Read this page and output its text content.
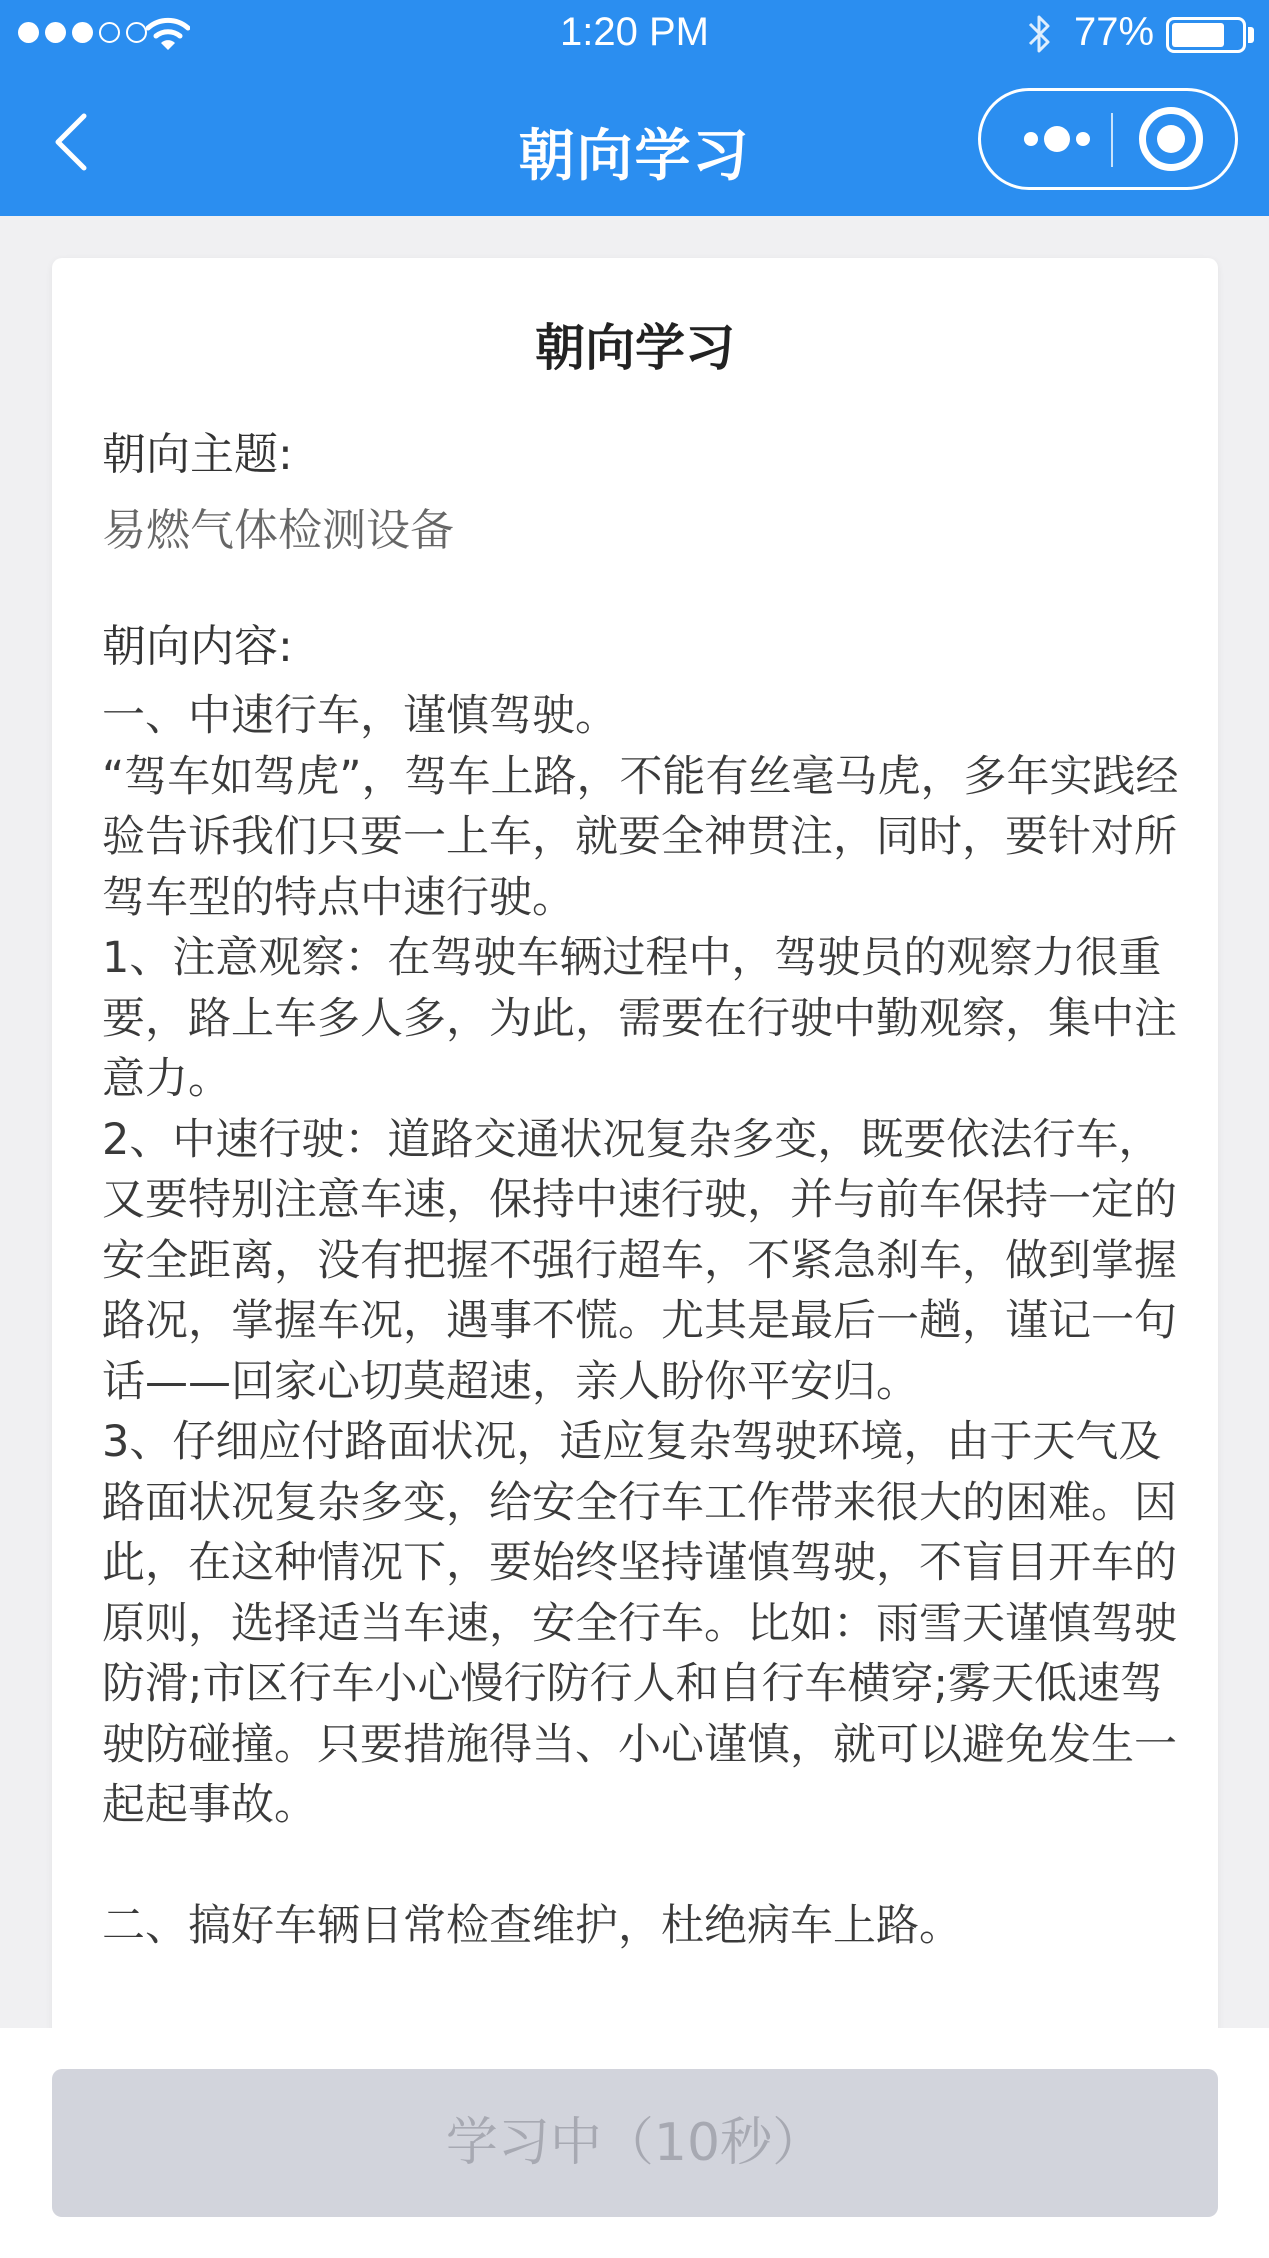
1:20 PM	77%
朝向学习
朝向学习
朝向主题:
易燃气体检测设备
朝向内容:
一、中速行车，谨慎驾驶。
“驾车如驾虎”，驾车上路，不能有丝毫马虎，多年实践经验告诉我们只要一上车，就要全神贯注，同时，要针对所驾车型的特点中速行驶。
1、注意观察：在驾驶车辆过程中，驾驶员的观察力很重要，路上车多人多，为此，需要在行驶中勤观察，集中注意力。
2、中速行驶：道路交通状况复杂多变，既要依法行车，又要特别注意车速，保持中速行驶，并与前车保持一定的安全距离，没有把握不强行超车，不紧急刹车，做到掌握路况，掌握车况，遇事不慌。尤其是最后一趟，谨记一句话——回家心切莫超速，亲人盼你平安归。
3、仔细应付路面状况，适应复杂驾驶环境，由于天气及路面状况复杂多变，给安全行车工作带来很大的困难。因此，在这种情况下，要始终坚持谨慎驾驶，不盲目开车的原则，选择适当车速，安全行车。比如：雨雪天谨慎驾驶防滑;市区行车小心慢行防行人和自行车横穿;雾天低速驾驶防碰撞。只要措施得当、小心谨慎，就可以避免发生一起起事故。

二、搞好车辆日常检查维护，杜绝病车上路。
学习中（10秒）
